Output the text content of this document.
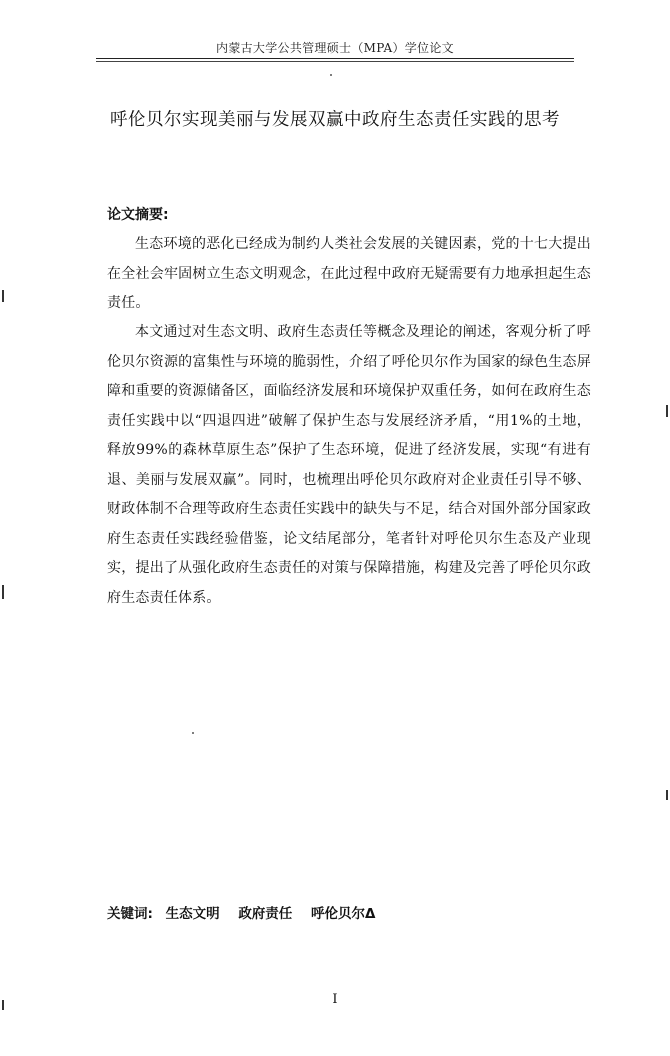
内蒙古大学公共管理硕士（MPA）学位论文
呼伦贝尔实现美丽与发展双赢中政府生态责任实践的思考
论文摘要:
生态环境的恶化已经成为制约人类社会发展的关键因素，党的十七大提出在全社会牢固树立生态文明观念，在此过程中政府无疑需要有力地承担起生态责任。
本文通过对生态文明、政府生态责任等概念及理论的阐述，客观分析了呼伦贝尔资源的富集性与环境的脆弱性，介绍了呼伦贝尔作为国家的绿色生态屏障和重要的资源储备区，面临经济发展和环境保护双重任务，如何在政府生态责任实践中以“四退四进”破解了保护生态与发展经济矛盾，“用1%的土地，释放99%的森林草原生态”保护了生态环境，促进了经济发展，实现“有进有退、美丽与发展双赢”。同时，也梳理出呼伦贝尔政府对企业责任引导不够、财政体制不合理等政府生态责任实践中的缺失与不足，结合对国外部分国家政府生态责任实践经验借鉴，论文结尾部分，笔者针对呼伦贝尔生态及产业现实，提出了从强化政府生态责任的对策与保障措施，构建及完善了呼伦贝尔政府生态责任体系。
关键词: 生态文明 政府责任 呼伦贝尔Δ
I
